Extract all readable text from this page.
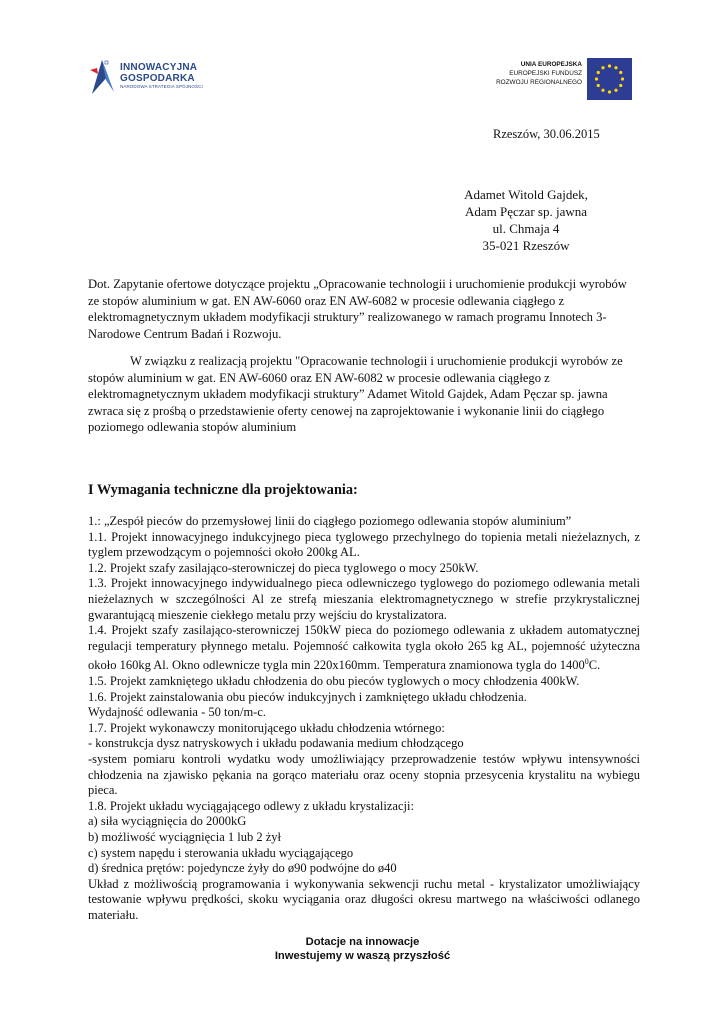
INNOWACYJNA
GOSPODARKA
NARODOWA STRATEGIA SPÓJNOŚCI
UNIA EUROPEJSKA
EUROPEJSKI FUNDUSZ
ROZWOJU REGIONALNEGO
Rzeszów, 30.06.2015
Adamet Witold Gajdek,
Adam Pęczar sp. jawna
ul. Chmaja 4
35-021 Rzeszów
Dot. Zapytanie ofertowe dotyczące projektu „Opracowanie technologii i uruchomienie produkcji wyrobów ze stopów aluminium w gat. EN AW-6060 oraz EN AW-6082 w procesie odlewania ciągłego z elektromagnetycznym układem modyfikacji struktury” realizowanego w ramach programu Innotech 3- Narodowe Centrum Badań i Rozwoju.
W związku z realizacją projektu "Opracowanie technologii i uruchomienie produkcji wyrobów ze stopów aluminium w gat. EN AW-6060 oraz EN AW-6082 w procesie odlewania ciągłego z elektromagnetycznym układem modyfikacji struktury” Adamet Witold Gajdek, Adam Pęczar sp. jawna zwraca się z prośbą o przedstawienie oferty cenowej na zaprojektowanie i wykonanie linii do ciągłego poziomego odlewania stopów aluminium
I Wymagania techniczne dla projektowania:

1.: „Zespół pieców do przemysłowej linii do ciągłego poziomego odlewania stopów aluminium”

1.1. Projekt innowacyjnego indukcyjnego pieca tyglowego przechylnego do topienia metali nieżelaznych, z tyglem przewodzącym o pojemności około 200kg AL.

1.2. Projekt szafy zasilająco-sterowniczej do pieca tyglowego o mocy 250kW.

1.3. Projekt innowacyjnego indywidualnego pieca odlewniczego tyglowego do poziomego odlewania metali nieżelaznych w szczególności Al ze strefą mieszania elektromagnetycznego w strefie przykrystalicznej gwarantującą mieszenie ciekłego metalu przy wejściu do krystalizatora.

1.4. Projekt szafy zasilająco-sterowniczej 150kW pieca do poziomego odlewania z układem automatycznej regulacji temperatury płynnego metalu. Pojemność całkowita tygla około 265 kg AL, pojemność użyteczna około 160kg Al. Okno odlewnicze tygla min 220x160mm. Temperatura znamionowa tygla do 1400$^0$C.

1.5. Projekt zamkniętego układu chłodzenia do obu pieców tyglowych o mocy chłodzenia 400kW.

1.6. Projekt zainstalowania obu pieców indukcyjnych i zamkniętego układu chłodzenia.

Wydajność odlewania - 50 ton/m-c.

1.7. Projekt wykonawczy monitorującego układu chłodzenia wtórnego:

- konstrukcja dysz natryskowych i układu podawania medium chłodzącego

-system pomiaru kontroli wydatku wody umożliwiający przeprowadzenie testów wpływu intensywności chłodzenia na zjawisko pękania na gorąco materiału oraz oceny stopnia przesycenia krystalitu na wybiegu pieca.

1.8. Projekt układu wyciągającego odlewy z układu krystalizacji:

a) siła wyciągnięcia do 2000kG

b) możliwość wyciągnięcia 1 lub 2 żył

c) system napędu i sterowania układu wyciągającego

d) średnica prętów: pojedyncze żyły do ø90 podwójne do ø40

Układ z możliwością programowania i wykonywania sekwencji ruchu metal - krystalizator umożliwiający testowanie wpływu prędkości, skoku wyciągania oraz długości okresu martwego na właściwości odlanego materiału.

Dotacje na innowacje
Inwestujemy w waszą przyszłość
